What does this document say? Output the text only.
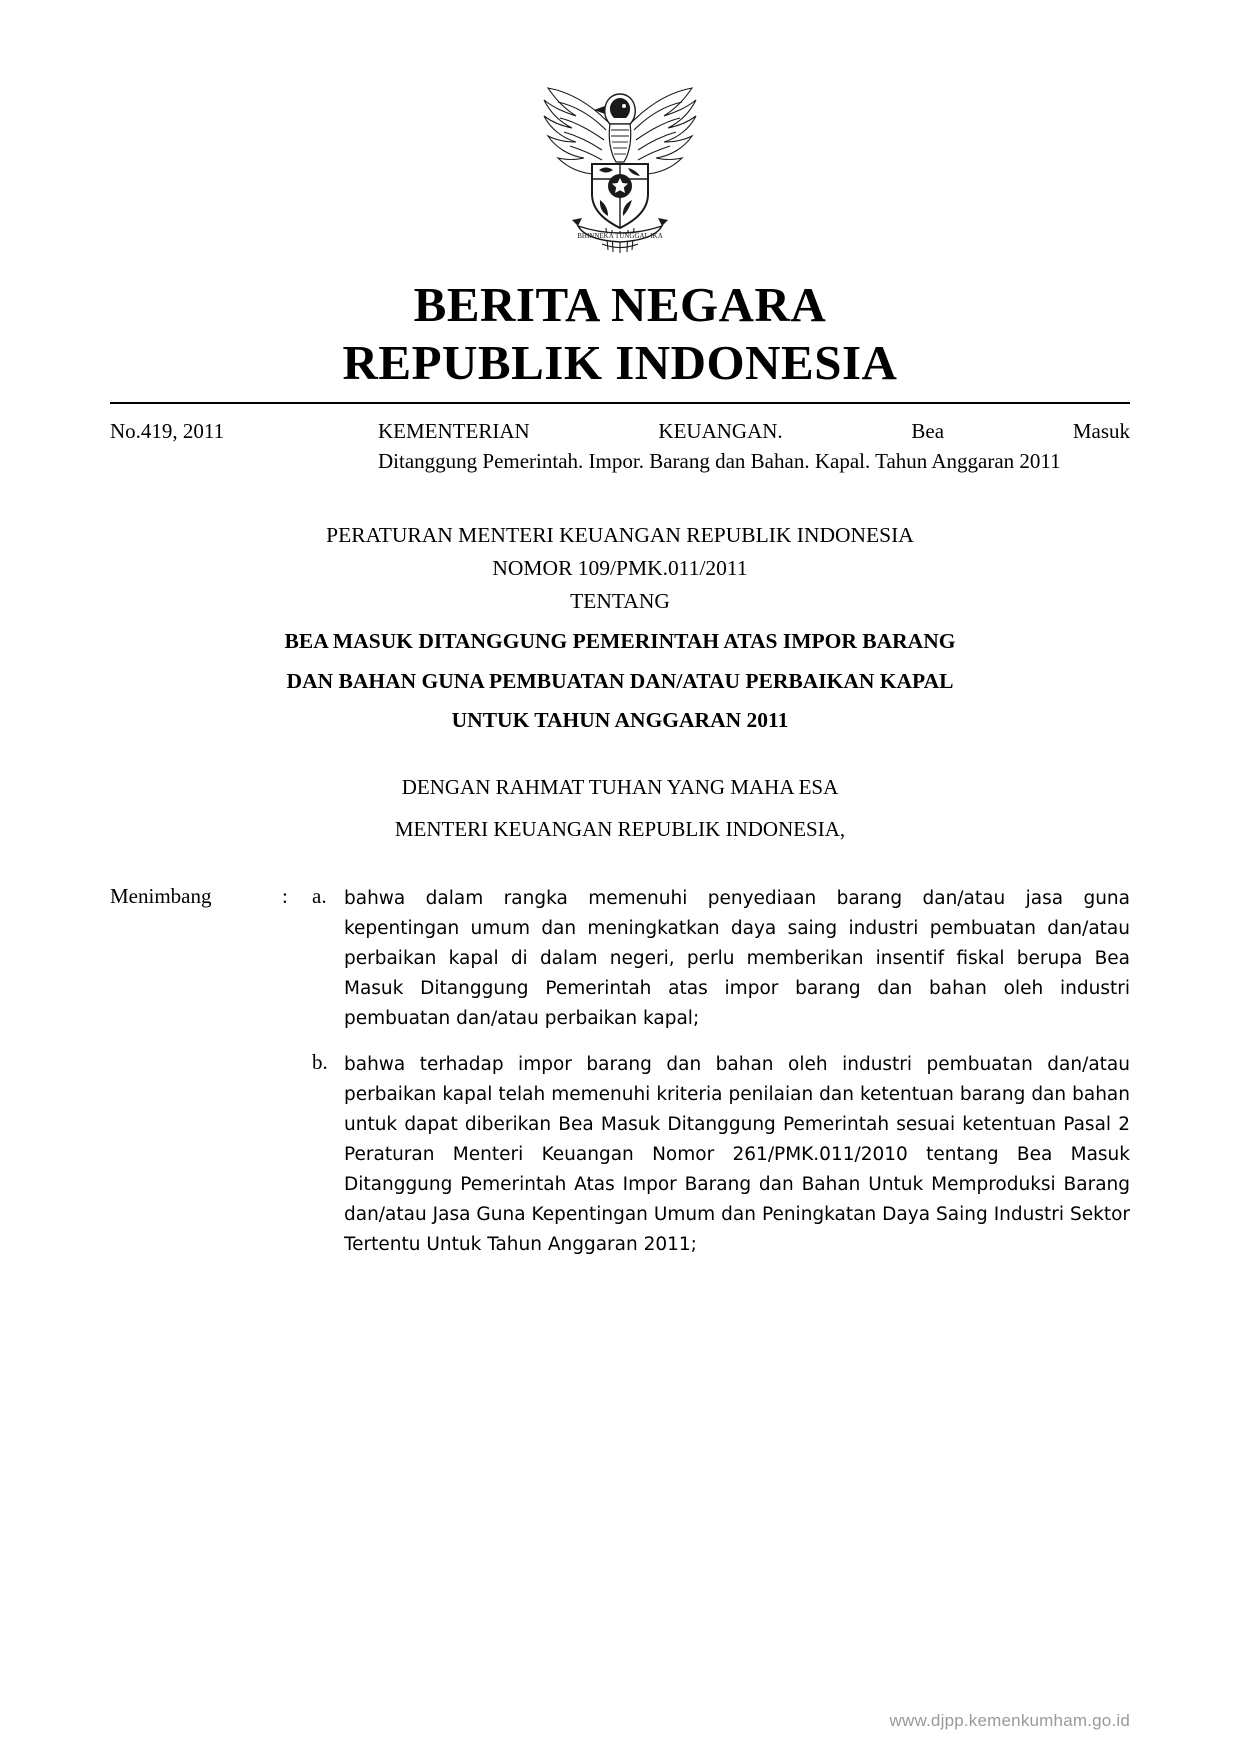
BHINNEKA TUNGGAL IKA
BERITA NEGARA
REPUBLIK INDONESIA
No.419, 2011	KEMENTERIAN KEUANGAN. Bea Masuk
Ditanggung Pemerintah. Impor. Barang dan Bahan. Kapal. Tahun Anggaran 2011
PERATURAN MENTERI KEUANGAN REPUBLIK INDONESIA
NOMOR 109/PMK.011/2011
TENTANG
BEA MASUK DITANGGUNG PEMERINTAH ATAS IMPOR BARANG
DAN BAHAN GUNA PEMBUATAN DAN/ATAU PERBAIKAN KAPAL
UNTUK TAHUN ANGGARAN 2011
DENGAN RAHMAT TUHAN YANG MAHA ESA
MENTERI KEUANGAN REPUBLIK INDONESIA,
Menimbang	:	a. bahwa dalam rangka memenuhi penyediaan barang dan/atau jasa guna kepentingan umum dan meningkatkan daya saing industri pembuatan dan/atau perbaikan kapal di dalam negeri, perlu memberikan insentif fiskal berupa Bea Masuk Ditanggung Pemerintah atas impor barang dan bahan oleh industri pembuatan dan/atau perbaikan kapal;
b. bahwa terhadap impor barang dan bahan oleh industri pembuatan dan/atau perbaikan kapal telah memenuhi kriteria penilaian dan ketentuan barang dan bahan untuk dapat diberikan Bea Masuk Ditanggung Pemerintah sesuai ketentuan Pasal 2 Peraturan Menteri Keuangan Nomor 261/PMK.011/2010 tentang Bea Masuk Ditanggung Pemerintah Atas Impor Barang dan Bahan Untuk Memproduksi Barang dan/atau Jasa Guna Kepentingan Umum dan Peningkatan Daya Saing Industri Sektor Tertentu Untuk Tahun Anggaran 2011;
www.djpp.kemenkumham.go.id
